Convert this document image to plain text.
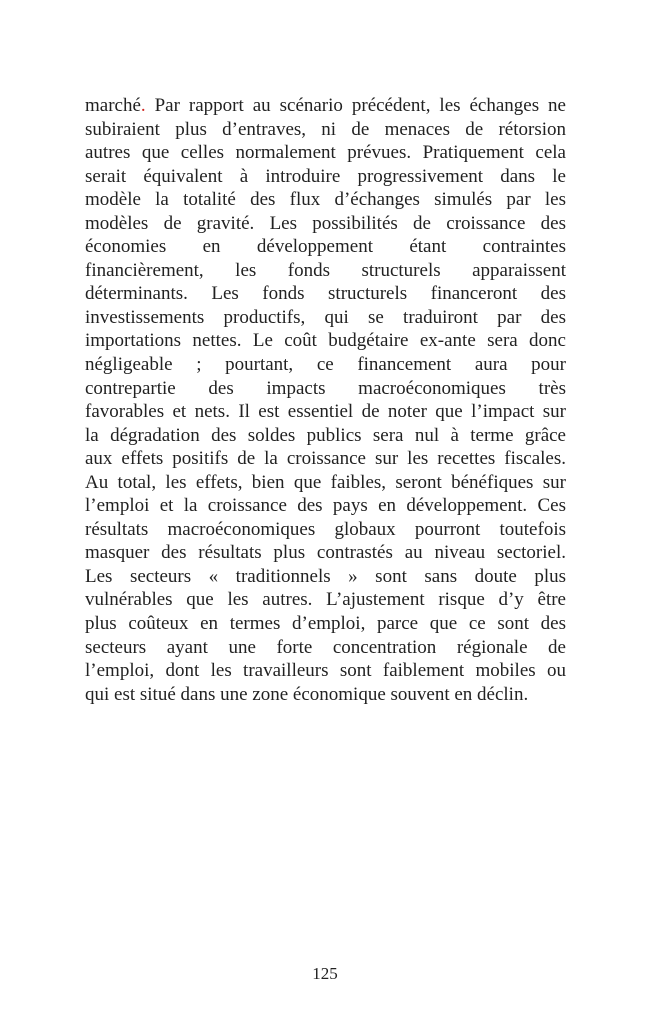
marché. Par rapport au scénario précédent, les échanges ne
subiraient plus d’entraves, ni de menaces de rétorsion
autres que celles normalement prévues. Pratiquement cela
serait équivalent à introduire progressivement dans le
modèle la totalité des flux d’échanges simulés par les
modèles de gravité. Les possibilités de croissance des
économies en développement étant contraintes
financièrement, les fonds structurels apparaissent
déterminants. Les fonds structurels financeront des
investissements productifs, qui se traduiront par des
importations nettes. Le coût budgétaire ex-ante sera donc
négligeable ; pourtant, ce financement aura pour
contrepartie des impacts macroéconomiques très
favorables et nets. Il est essentiel de noter que l’impact sur
la dégradation des soldes publics sera nul à terme grâce
aux effets positifs de la croissance sur les recettes fiscales.
Au total, les effets, bien que faibles, seront bénéfiques sur
l’emploi et la croissance des pays en développement. Ces
résultats macroéconomiques globaux pourront toutefois
masquer des résultats plus contrastés au niveau sectoriel.
Les secteurs « traditionnels » sont sans doute plus
vulnérables que les autres. L’ajustement risque d’y être
plus coûteux en termes d’emploi, parce que ce sont des
secteurs ayant une forte concentration régionale de
l’emploi, dont les travailleurs sont faiblement mobiles ou
qui est situé dans une zone économique souvent en déclin.
125
